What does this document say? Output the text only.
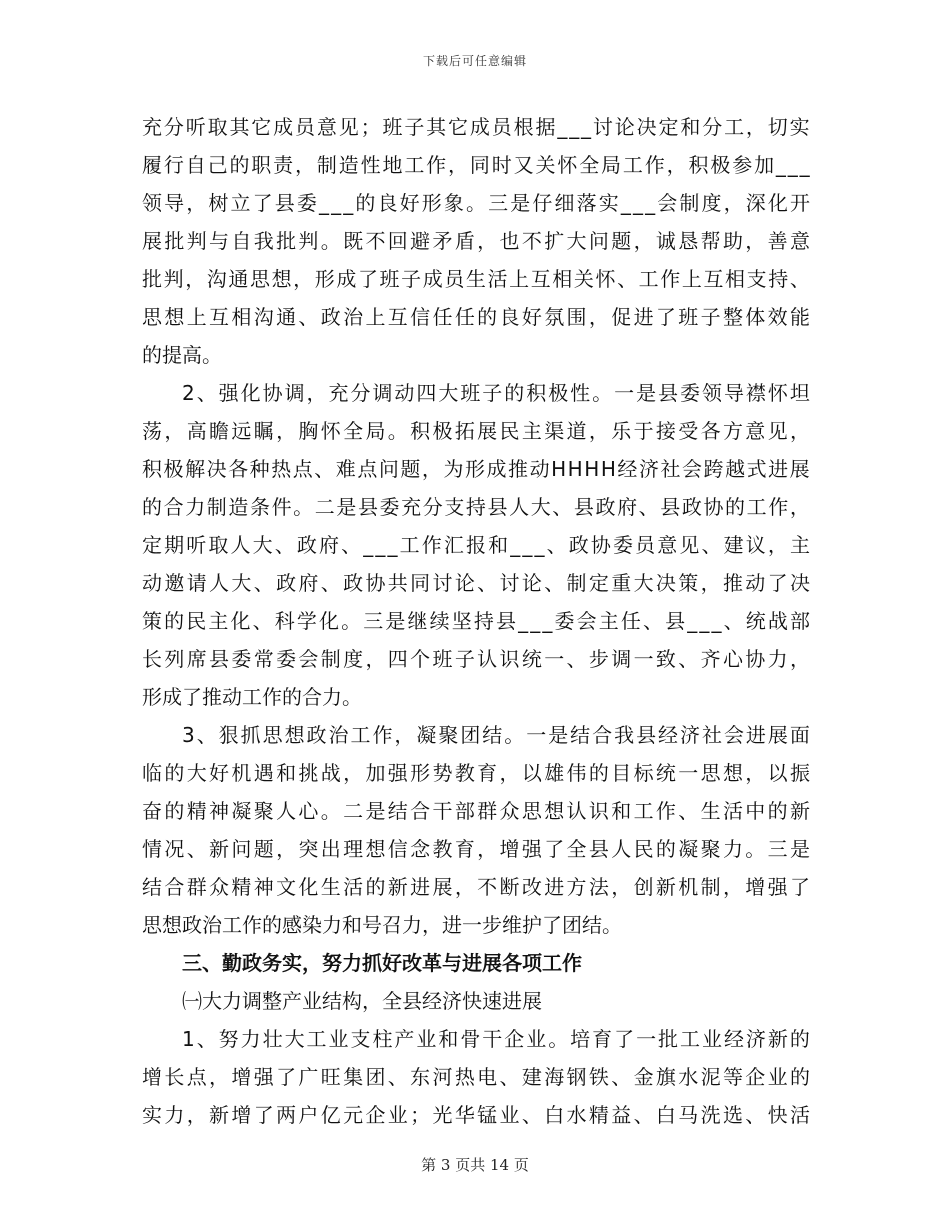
下载后可任意编辑
充 分 听 取 其 它 成 员 意 见 ； 班 子 其 它 成 员 根 据 _ _ _ 讨 论 决 定 和 分 工 ， 切 实
履 行 自 己 的 职 责 ， 制 造 性 地 工 作 ， 同 时 又 关 怀 全 局 工 作 ， 积 极 参 加 _ _ _
领 导 ， 树 立 了 县 委 _ _ _ 的 良 好 形 象 。 三 是 仔 细 落 实 _ _ _ 会 制 度 ， 深 化 开
展 批 判 与 自 我 批 判 。 既 不 回 避 矛 盾 ， 也 不 扩 大 问 题 ， 诚 恳 帮 助 ， 善 意
批 判 ， 沟 通 思 想 ， 形 成 了 班 子 成 员 生 活 上 互 相 关 怀 、 工 作 上 互 相 支 持 、
思 想 上 互 相 沟 通 、 政 治 上 互 信 任 任 的 良 好 氛 围 ， 促 进 了 班 子 整 体 效 能
的提高。
2 、 强 化 协 调 ， 充 分 调 动 四 大 班 子 的 积 极 性 。 一 是 县 委 领 导 襟 怀 坦
荡 ， 高 瞻 远 瞩 ， 胸 怀 全 局 。 积 极 拓 展 民 主 渠 道 ， 乐 于 接 受 各 方 意 见 ，
积 极 解 决 各 种 热 点 、 难 点 问 题 ， 为 形 成 推 动 H H H H 经 济 社 会 跨 越 式 进 展
的 合 力 制 造 条 件 。 二 是 县 委 充 分 支 持 县 人 大 、 县 政 府 、 县 政 协 的 工 作 ，
定 期 听 取 人 大 、 政 府 、 _ _ _ 工 作 汇 报 和 _ _ _ 、 政 协 委 员 意 见 、 建 议 ， 主
动 邀 请 人 大 、 政 府 、 政 协 共 同 讨 论 、 讨 论 、 制 定 重 大 决 策 ， 推 动 了 决
策 的 民 主 化 、 科 学 化 。 三 是 继 续 坚 持 县 _ _ _ 委 会 主 任 、 县 _ _ _ 、 统 战 部
长 列 席 县 委 常 委 会 制 度 ， 四 个 班 子 认 识 统 一 、 步 调 一 致 、 齐 心 协 力 ，
形成了推动工作的合力。
3 、 狠 抓 思 想 政 治 工 作 ， 凝 聚 团 结 。 一 是 结 合 我 县 经 济 社 会 进 展 面
临 的 大 好 机 遇 和 挑 战 ， 加 强 形 势 教 育 ， 以 雄 伟 的 目 标 统 一 思 想 ， 以 振
奋 的 精 神 凝 聚 人 心 。 二 是 结 合 干 部 群 众 思 想 认 识 和 工 作 、 生 活 中 的 新
情 况 、 新 问 题 ， 突 出 理 想 信 念 教 育 ， 增 强 了 全 县 人 民 的 凝 聚 力 。 三 是
结 合 群 众 精 神 文 化 生 活 的 新 进 展 ， 不 断 改 进 方 法 ， 创 新 机 制 ， 增 强 了
思想政治工作的感染力和号召力，进一步维护了团结。
三、勤政务实，努力抓好改革与进展各项工作
㈠大力调整产业结构，全县经济快速进展
1 、 努 力 壮 大 工 业 支 柱 产 业 和 骨 干 企 业 。 培 育 了 一 批 工 业 经 济 新 的
增 长 点 ， 增 强 了 广 旺 集 团 、 东 河 热 电 、 建 海 钢 铁 、 金 旗 水 泥 等 企 业 的
实 力 ， 新 增 了 两 户 亿 元 企 业 ； 光 华 锰 业 、 白 水 精 益 、 白 马 洗 选 、 快 活
第 3 页共 14 页
